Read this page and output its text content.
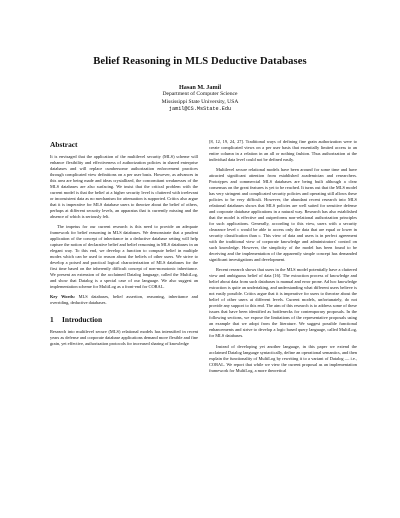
Belief Reasoning in MLS Deductive Databases
Hasan M. Jamil
Department of Computer Science
Mississippi State University, USA
jamil@CS.MsState.Edu
Abstract

It is envisaged that the application of the multilevel security (MLS) scheme will enhance flexibility and effectiveness of authorization policies in shared enterprise databases and will replace cumbersome authorization enforcement practices through complicated view definitions on a per user basis. However, as advances in this area are being made and ideas crystallized, the concomitant weaknesses of the MLS databases are also surfacing. We insist that the critical problem with the current model is that the belief at a higher security level is cluttered with irrelevant or inconsistent data as no mechanism for attenuation is supported. Critics also argue that it is imperative for MLS database users to theorize about the belief of others, perhaps at different security levels, an apparatus that is currently missing and the absence of which is seriously felt.

The impetus for our current research is this need to provide an adequate framework for belief reasoning in MLS databases. We demonstrate that a prudent application of the concept of inheritance in a deductive database setting will help capture the notion of declarative belief and belief reasoning in MLS databases in an elegant way. To this end, we develop a function to compute belief in multiple modes which can be used to reason about the beliefs of other users. We strive to develop a poised and practical logical characterization of MLS databases for the first time based on the inherently difficult concept of non-monotonic inheritance. We present an extension of the acclaimed Datalog language, called the MultiLog, and show that Datalog is a special case of our language. We also suggest an implementation scheme for MultiLog as a front-end for CORAL.

Key Words: MLS databases, belief assertion, reasoning, inheritance and overriding, deductive databases.

1 Introduction

Research into multilevel secure (MLS) relational models has intensified in recent years as defense and corporate database applications demand more flexible and fine grain, yet effective, authorization protocols for increased sharing of knowledge

[8, 12, 19, 24, 27]. Traditional ways of defining fine grain authorization were to create complicated views on a per user basis that essentially limited access to an entire column in a relation in an all or nothing fashion. Thus authorization at the individual data level could not be defined easily.

Multilevel secure relational models have been around for some time and have attracted significant attention from established academician and researchers. Prototypes and commercial MLS databases are being built although a clear consensus on the great features is yet to be reached. It turns out that the MLS model has very stringent and complicated security policies and operating still allows these policies to be very difficult. However, the abundant recent research into MLS relational databases shows that MLS policies are well suited for sensitive defense and corporate database applications in a natural way. Research has also established that the model is effective and outperforms non-relational authorization principles for such applications. Generally, according to this view, users with a security clearance level c would be able to access only the data that are equal or lower in security classification than c. This view of data and users is in perfect agreement with the traditional view of corporate knowledge and administrators' control on such knowledge. However, the simplicity of the model has been found to be deceiving and the implementation of the apparently simple concept has demanded significant investigations and development.

Recent research shows that users in the MLS model potentially have a cluttered view and ambiguous belief of data [16]. The extraction process of knowledge and belief about data from such databases is manual and error prone. Ad hoc knowledge extraction is quite an undertaking, and understanding what different users believe is not easily possible. Critics argue that it is imperative for users to theorize about the belief of other users at different levels. Current models, unfortunately, do not provide any support to this end. The aim of this research is to address some of these issues that have been identified as bottlenecks for contemporary proposals. In the following sections, we expose the limitations of the representative proposals using an example that we adopt from the literature. We suggest possible functional enhancements and strive to develop a logic based query language, called MultiLog, for MLS databases.

Instead of developing yet another language, in this paper we extend the acclaimed Datalog language syntactically, define an operational semantics, and then explain the functionality of MultiLog by rewriting it to a variant of Datalog — i.e., CORAL. We report that while we view the current proposal as an implementation framework for MultiLog, a more theoretical
